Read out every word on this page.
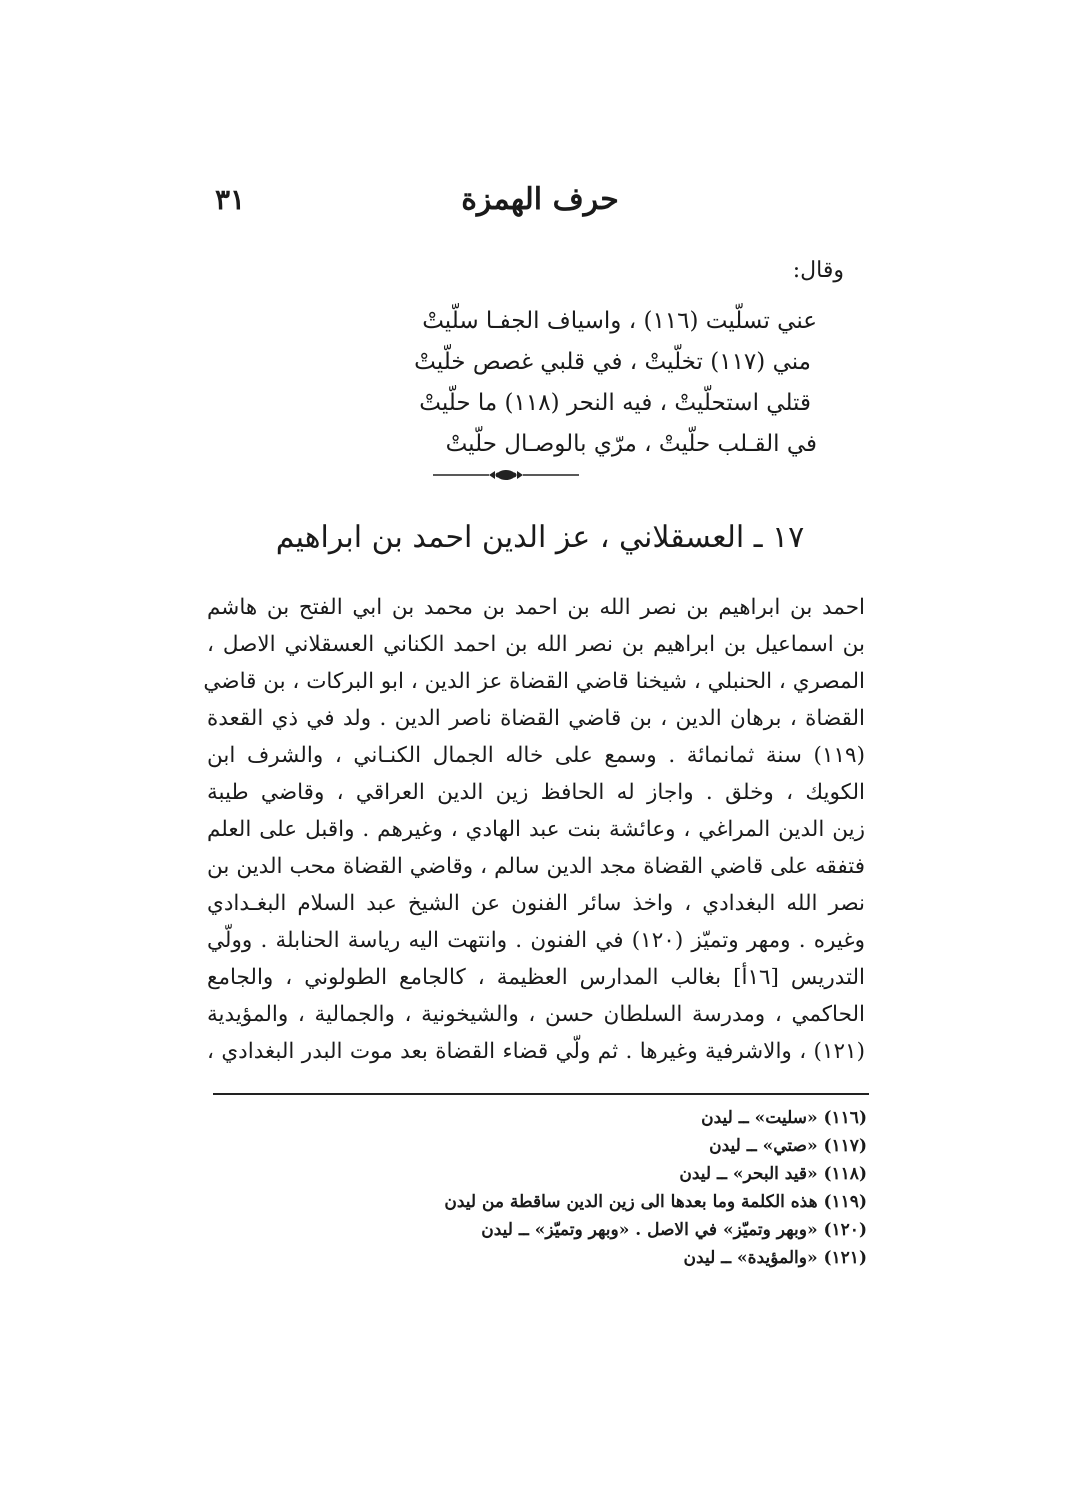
حرف الهمزة
٣١
وقال:
عني تسلّيت (١١٦) ، واسياف الجفـا سلّيتْ
مني (١١٧) تخلّيتْ ، في قلبي غصص خلّيتْ
قتلي استحلّيتْ ، فيه النحر (١١٨) ما حلّيتْ
في القـلب حلّيتْ ، مرّي بالوصـال حلّيتْ
١٧ ـ العسقلاني ، عز الدين احمد بن ابراهيم
احمد بن ابراهيم بن نصر الله بن احمد بن محمد بن ابي الفتح بن هاشم
بن اسماعيل بن ابراهيم بن نصر الله بن احمد الكناني العسقلاني الاصل ،
المصري ، الحنبلي ، شيخنا قاضي القضاة عز الدين ، ابو البركات ، بن قاضي
القضاة ، برهان الدين ، بن قاضي القضاة ناصر الدين . ولد في ذي القعدة
(١١٩) سنة ثمانمائة . وسمع على خاله الجمال الكنـاني ، والشرف ابن
الكويك ، وخلق . واجاز له الحافظ زين الدين العراقي ، وقاضي طيبة
زين الدين المراغي ، وعائشة بنت عبد الهادي ، وغيرهم . واقبل على العلم
فتفقه على قاضي القضاة مجد الدين سالم ، وقاضي القضاة محب الدين بن
نصر الله البغدادي ، واخذ سائر الفنون عن الشيخ عبد السلام البغـدادي
وغيره . ومهر وتميّز (١٢٠) في الفنون . وانتهت اليه رياسة الحنابلة . وولّي
التدريس [١٦أ] بغالب المدارس العظيمة ، كالجامع الطولوني ، والجامع
الحاكمي ، ومدرسة السلطان حسن ، والشيخونية ، والجمالية ، والمؤيدية
(١٢١) ، والاشرفية وغيرها . ثم ولّي قضاء القضاة بعد موت البدر البغدادي ،
(١١٦) «سليت» ــ ليدن
(١١٧) «صتي» ــ ليدن
(١١٨) «قيد البحر» ــ ليدن
(١١٩) هذه الكلمة وما بعدها الى زين الدين ساقطة من ليدن
(١٢٠) «وبهر وتميّز» في الاصل . «وبهر وتميّز» ــ ليدن
(١٢١) «والمؤيدة» ــ ليدن
